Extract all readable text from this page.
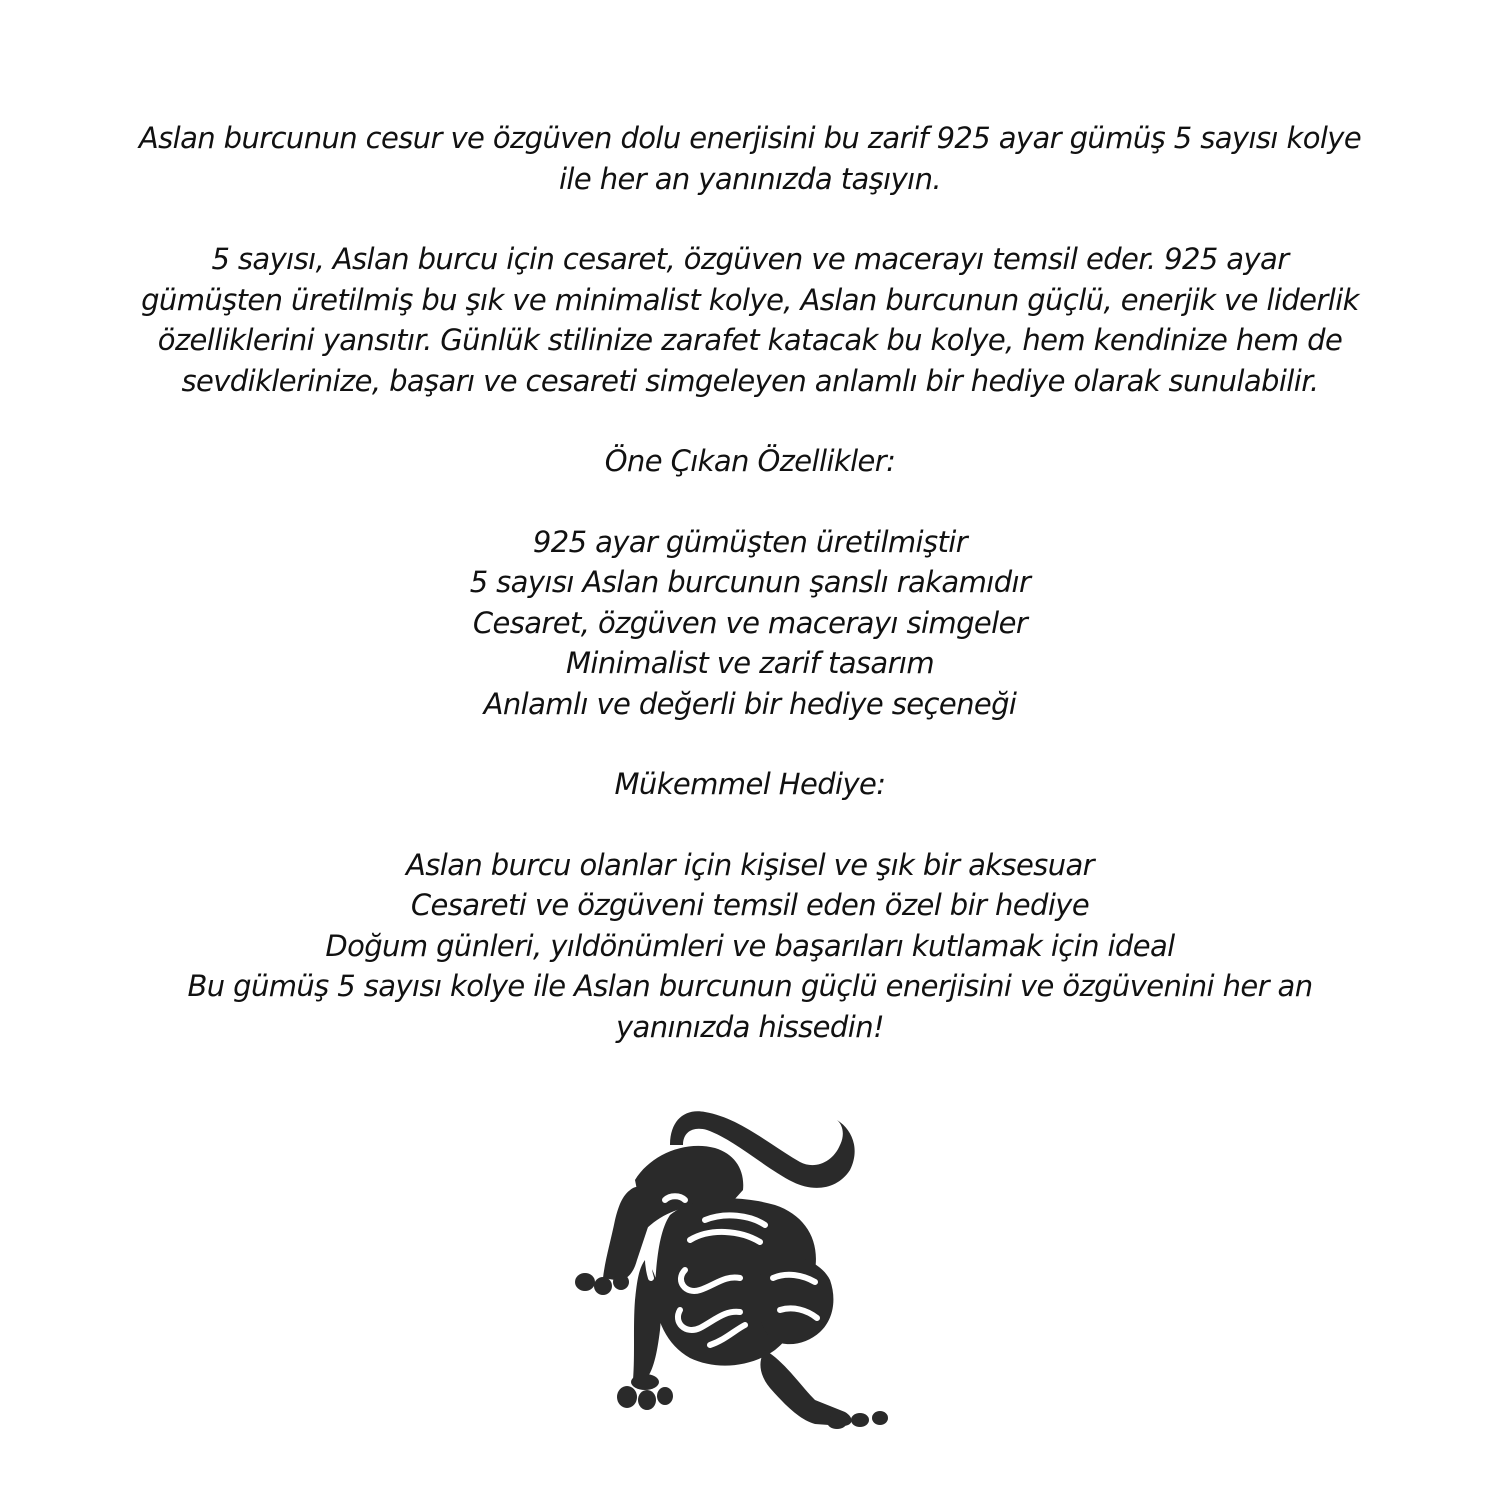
Aslan burcunun cesur ve özgüven dolu enerjisini bu zarif 925 ayar gümüş 5 sayısı kolye ile her an yanınızda taşıyın.

5 sayısı, Aslan burcu için cesaret, özgüven ve macerayı temsil eder. 925 ayar gümüşten üretilmiş bu şık ve minimalist kolye, Aslan burcunun güçlü, enerjik ve liderlik özelliklerini yansıtır. Günlük stilinize zarafet katacak bu kolye, hem kendinize hem de sevdiklerinize, başarı ve cesareti simgeleyen anlamlı bir hediye olarak sunulabilir.

Öne Çıkan Özellikler:
925 ayar gümüşten üretilmiştir
5 sayısı Aslan burcunun şanslı rakamıdır
Cesaret, özgüven ve macerayı simgeler
Minimalist ve zarif tasarım
Anlamlı ve değerli bir hediye seçeneği
Mükemmel Hediye:
Aslan burcu olanlar için kişisel ve şık bir aksesuar
Cesareti ve özgüveni temsil eden özel bir hediye
Doğum günleri, yıldönümleri ve başarıları kutlamak için ideal
Bu gümüş 5 sayısı kolye ile Aslan burcunun güçlü enerjisini ve özgüvenini her an yanınızda hissedin!
